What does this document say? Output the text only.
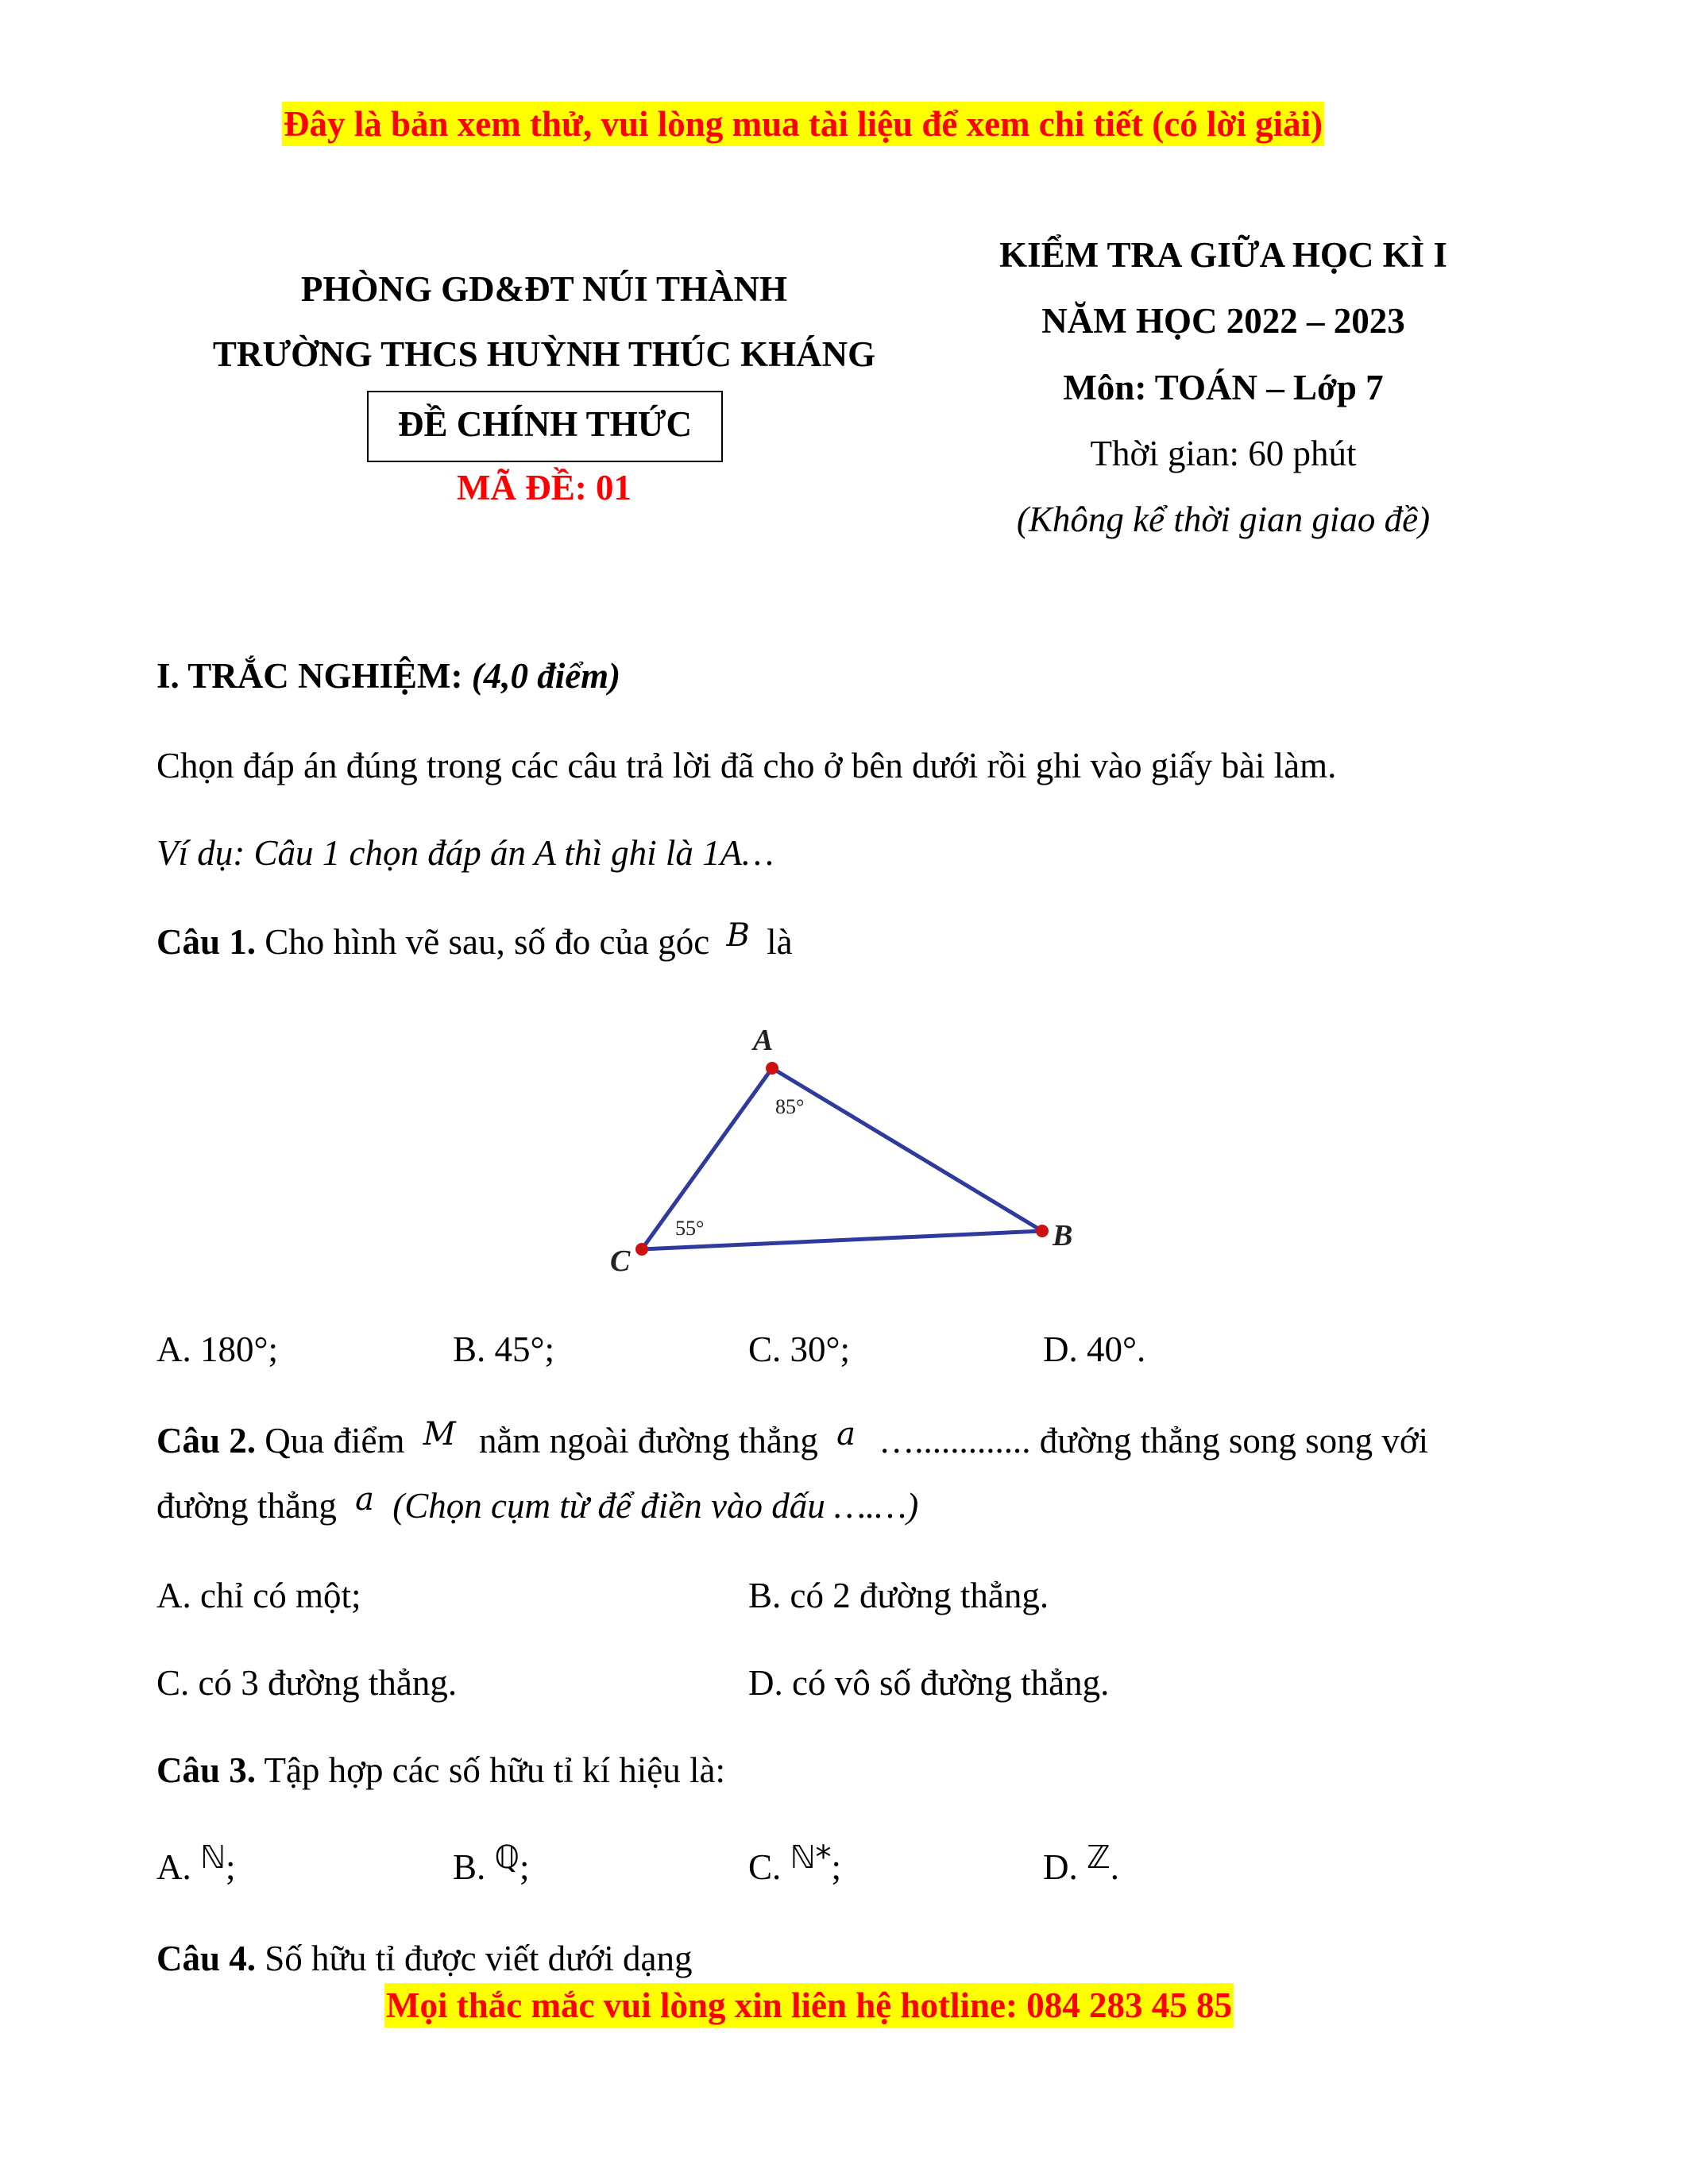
Đây là bản xem thử, vui lòng mua tài liệu để xem chi tiết (có lời giải)
PHÒNG GD&ĐT NÚI THÀNH
TRƯỜNG THCS HUỲNH THÚC KHÁNG
ĐỀ CHÍNH THỨC
MÃ ĐỀ: 01
KIỂM TRA GIỮA HỌC KÌ I
NĂM HỌC 2022 – 2023
Môn: TOÁN – Lớp 7
Thời gian: 60 phút
(Không kể thời gian giao đề)
I. TRẮC NGHIỆM: (4,0 điểm)
Chọn đáp án đúng trong các câu trả lời đã cho ở bên dưới rồi ghi vào giấy bài làm.
Ví dụ: Câu 1 chọn đáp án A thì ghi là 1A…
Câu 1. Cho hình vẽ sau, số đo của góc B là
A
B
C
85°
55°
A. 180°;	B. 45°;	C. 30°;	D. 40°.
Câu 2. Qua điểm M nằm ngoài đường thẳng a …............. đường thẳng song song với
đường thẳng a (Chọn cụm từ để điền vào dấu ….…)
A. chỉ có một;	B. có 2 đường thẳng.
C. có 3 đường thẳng.	D. có vô số đường thẳng.
Câu 3. Tập hợp các số hữu tỉ kí hiệu là:
A. ℕ;	B. ℚ;	C. ℕ*;	D. ℤ.
Câu 4. Số hữu tỉ được viết dưới dạng
Mọi thắc mắc vui lòng xin liên hệ hotline: 084 283 45 85
